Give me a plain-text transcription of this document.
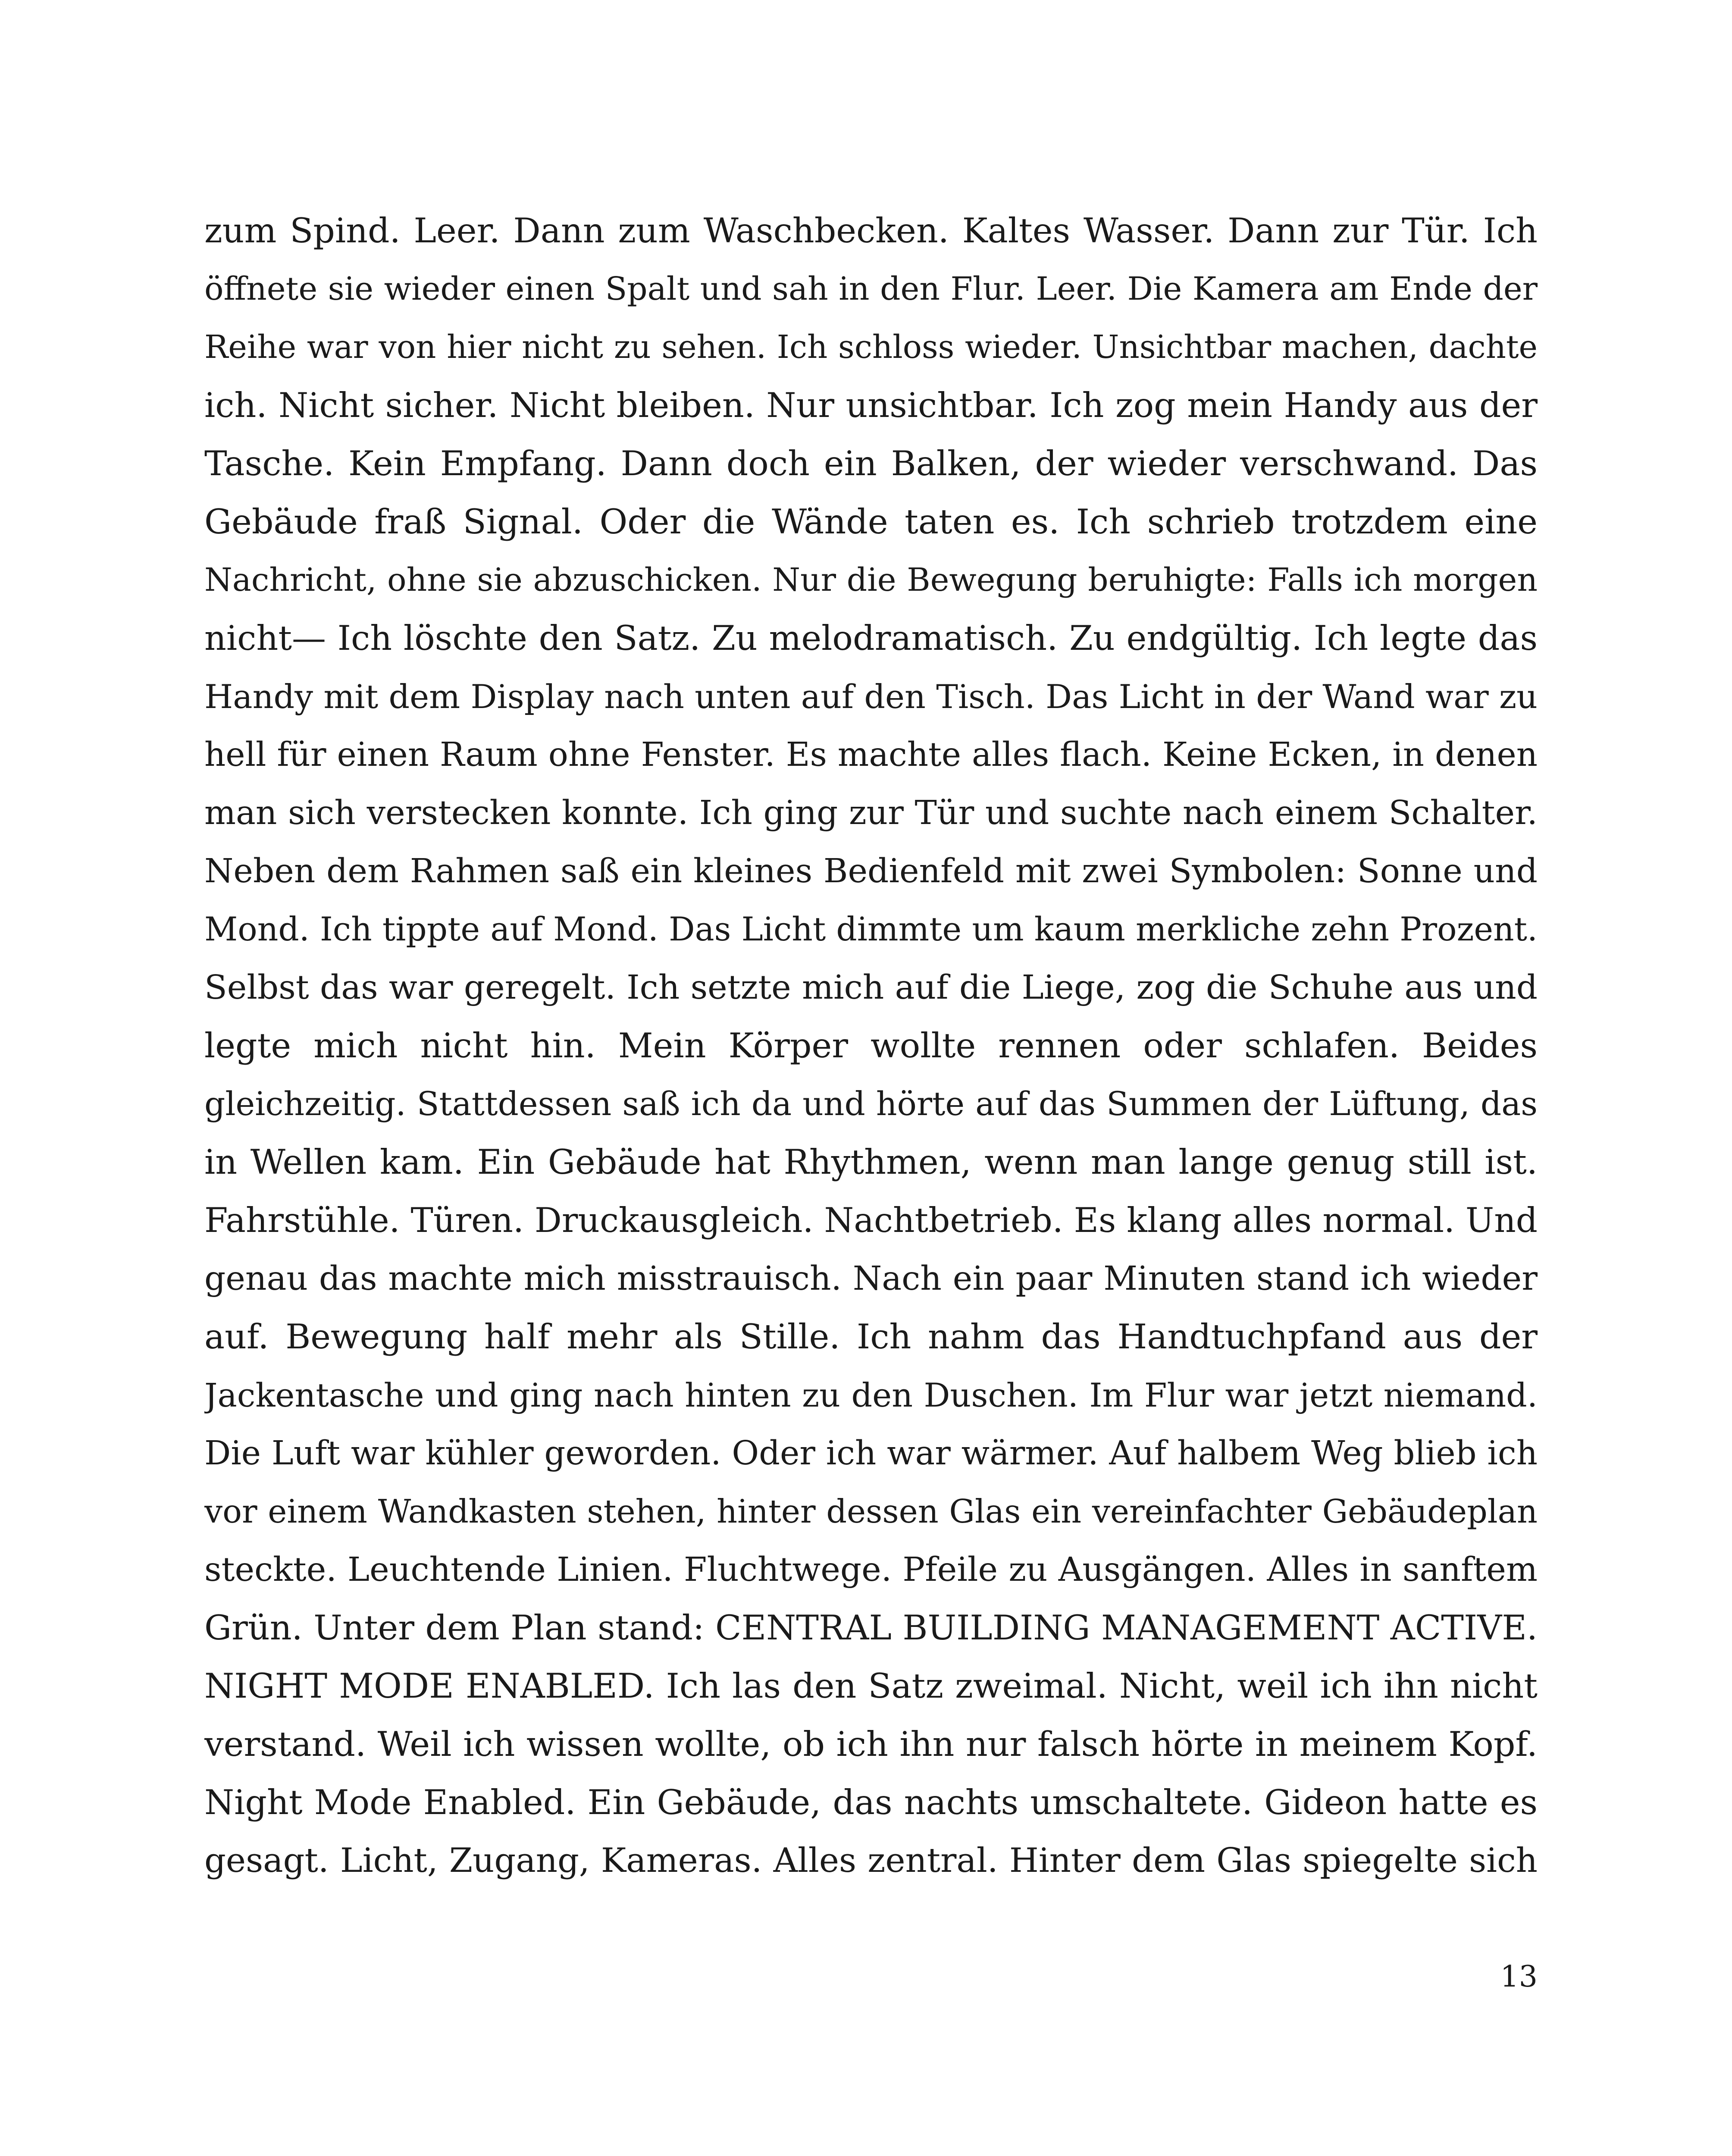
zum Spind. Leer. Dann zum Waschbecken. Kaltes Wasser. Dann zur Tür. Ich
öffnete sie wieder einen Spalt und sah in den Flur. Leer. Die Kamera am Ende der
Reihe war von hier nicht zu sehen. Ich schloss wieder. Unsichtbar machen, dachte
ich. Nicht sicher. Nicht bleiben. Nur unsichtbar. Ich zog mein Handy aus der
Tasche. Kein Empfang. Dann doch ein Balken, der wieder verschwand. Das
Gebäude fraß Signal. Oder die Wände taten es. Ich schrieb trotzdem eine
Nachricht, ohne sie abzuschicken. Nur die Bewegung beruhigte: Falls ich morgen
nicht— Ich löschte den Satz. Zu melodramatisch. Zu endgültig. Ich legte das
Handy mit dem Display nach unten auf den Tisch. Das Licht in der Wand war zu
hell für einen Raum ohne Fenster. Es machte alles flach. Keine Ecken, in denen
man sich verstecken konnte. Ich ging zur Tür und suchte nach einem Schalter.
Neben dem Rahmen saß ein kleines Bedienfeld mit zwei Symbolen: Sonne und
Mond. Ich tippte auf Mond. Das Licht dimmte um kaum merkliche zehn Prozent.
Selbst das war geregelt. Ich setzte mich auf die Liege, zog die Schuhe aus und
legte mich nicht hin. Mein Körper wollte rennen oder schlafen. Beides
gleichzeitig. Stattdessen saß ich da und hörte auf das Summen der Lüftung, das
in Wellen kam. Ein Gebäude hat Rhythmen, wenn man lange genug still ist.
Fahrstühle. Türen. Druckausgleich. Nachtbetrieb. Es klang alles normal. Und
genau das machte mich misstrauisch. Nach ein paar Minuten stand ich wieder
auf. Bewegung half mehr als Stille. Ich nahm das Handtuchpfand aus der
Jackentasche und ging nach hinten zu den Duschen. Im Flur war jetzt niemand.
Die Luft war kühler geworden. Oder ich war wärmer. Auf halbem Weg blieb ich
vor einem Wandkasten stehen, hinter dessen Glas ein vereinfachter Gebäudeplan
steckte. Leuchtende Linien. Fluchtwege. Pfeile zu Ausgängen. Alles in sanftem
Grün. Unter dem Plan stand: CENTRAL BUILDING MANAGEMENT ACTIVE.
NIGHT MODE ENABLED. Ich las den Satz zweimal. Nicht, weil ich ihn nicht
verstand. Weil ich wissen wollte, ob ich ihn nur falsch hörte in meinem Kopf.
Night Mode Enabled. Ein Gebäude, das nachts umschaltete. Gideon hatte es
gesagt. Licht, Zugang, Kameras. Alles zentral. Hinter dem Glas spiegelte sich
13
